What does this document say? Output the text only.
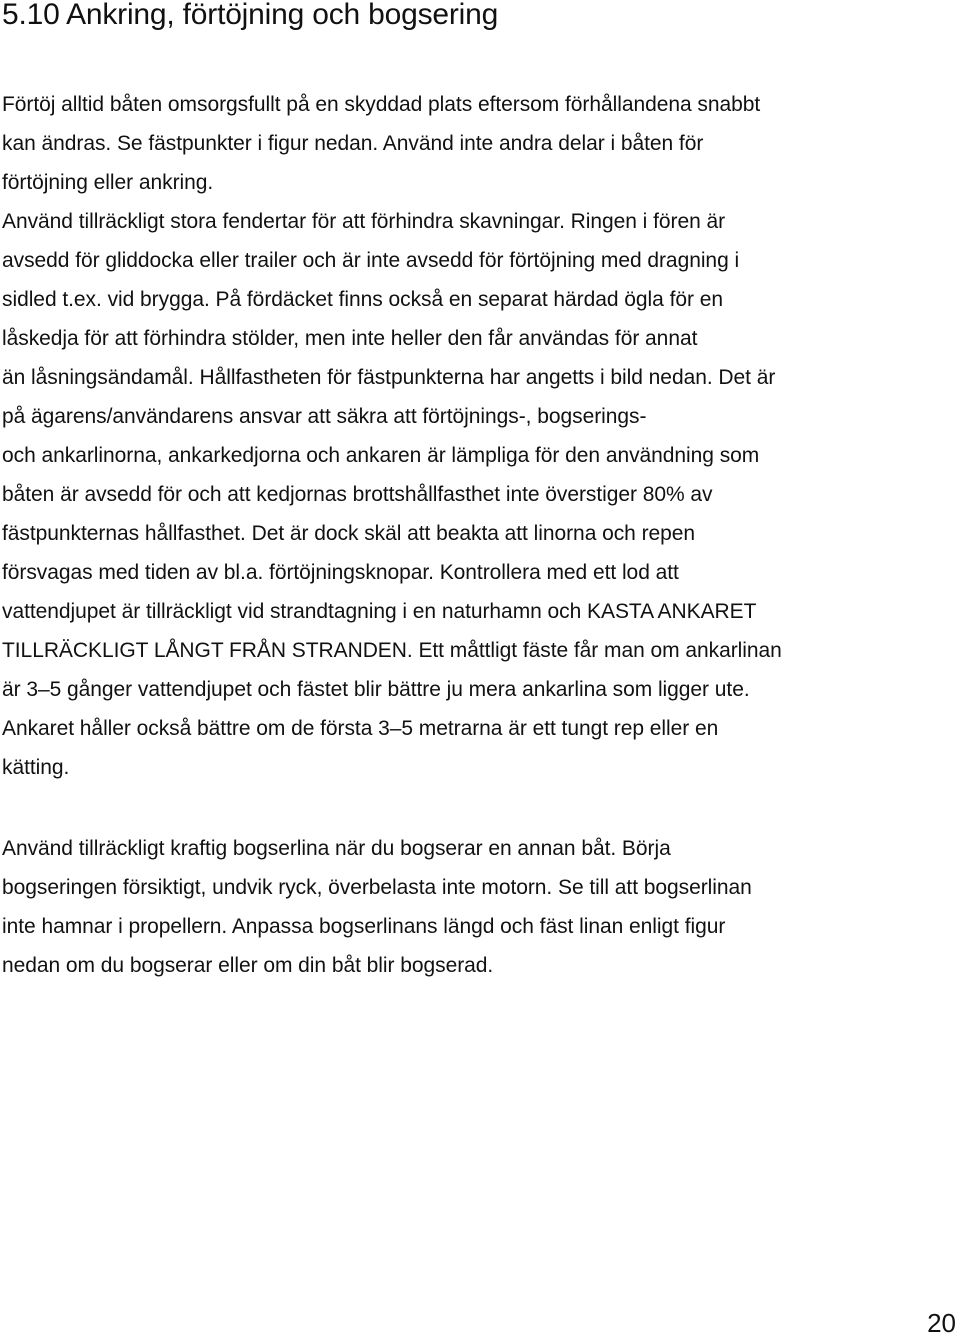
5.10 Ankring, förtöjning och bogsering
Förtöj alltid båten omsorgsfullt på en skyddad plats eftersom förhållandena snabbt
kan ändras. Se fästpunkter i figur nedan. Använd inte andra delar i båten för
förtöjning eller ankring.
Använd tillräckligt stora fendertar för att förhindra skavningar. Ringen i fören är
avsedd för gliddocka eller trailer och är inte avsedd för förtöjning med dragning i
sidled t.ex. vid brygga. På fördäcket finns också en separat härdad ögla för en
låskedja för att förhindra stölder, men inte heller den får användas för annat
än låsningsändamål. Hållfastheten för fästpunkterna har angetts i bild nedan. Det är
på ägarens/användarens ansvar att säkra att förtöjnings-, bogserings-
och ankarlinorna, ankarkedjorna och ankaren är lämpliga för den användning som
båten är avsedd för och att kedjornas brottshållfasthet inte överstiger 80% av
fästpunkternas hållfasthet. Det är dock skäl att beakta att linorna och repen
försvagas med tiden av bl.a. förtöjningsknopar. Kontrollera med ett lod att
vattendjupet är tillräckligt vid strandtagning i en naturhamn och KASTA ANKARET
TILLRÄCKLIGT LÅNGT FRÅN STRANDEN. Ett måttligt fäste får man om ankarlinan
är 3–5 gånger vattendjupet och fästet blir bättre ju mera ankarlina som ligger ute.
Ankaret håller också bättre om de första 3–5 metrarna är ett tungt rep eller en
kätting.
Använd tillräckligt kraftig bogserlina när du bogserar en annan båt. Börja
bogseringen försiktigt, undvik ryck, överbelasta inte motorn. Se till att bogserlinan
inte hamnar i propellern. Anpassa bogserlinans längd och fäst linan enligt figur
nedan om du bogserar eller om din båt blir bogserad.
20
